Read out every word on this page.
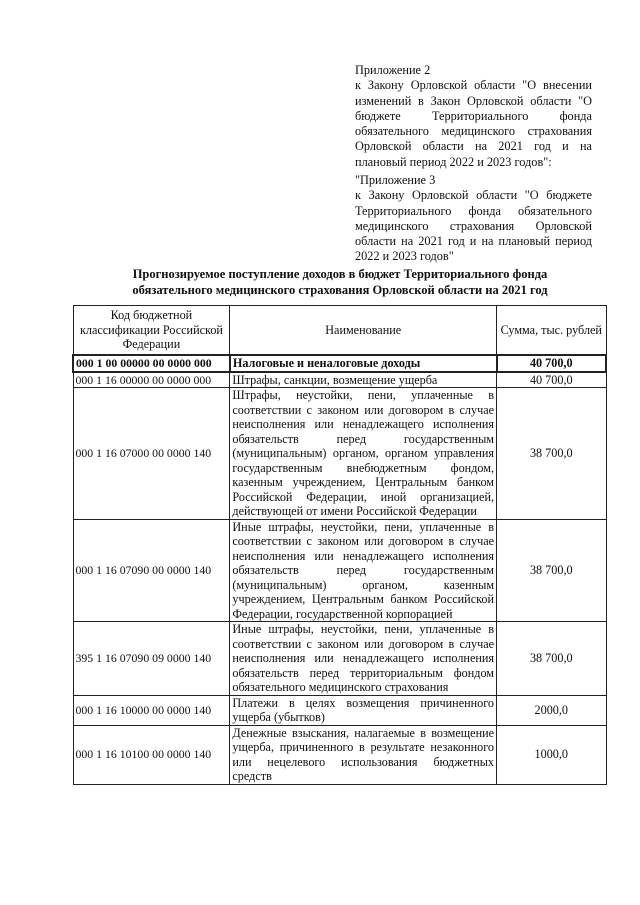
Приложение 2

к Закону Орловской области "О внесении изменений в Закон Орловской области "О бюджете Территориального фонда обязательного медицинского страхования Орловской области на 2021 год и на плановый период 2022 и 2023 годов":

"Приложение 3

к Закону Орловской области "О бюджете Территориального фонда обязательного медицинского страхования Орловской области на 2021 год и на плановый период 2022 и 2023 годов"

Прогнозируемое поступление доходов в бюджет Территориального фонда
обязательного медицинского страхования Орловской области на 2021 год
Код бюджетной классификации Российской Федерации	Наименование	Сумма, тыс. рублей
000 1 00 00000 00 0000 000	Налоговые и неналоговые доходы	40 700,0
000 1 16 00000 00 0000 000	Штрафы, санкции, возмещение ущерба	40 700,0
000 1 16 07000 00 0000 140	Штрафы, неустойки, пени, уплаченные в соответствии с законом или договором в случае неисполнения или ненадлежащего исполнения обязательств перед государственным (муниципальным) органом, органом управления государственным внебюджетным фондом, казенным учреждением, Центральным банком Российской Федерации, иной организацией, действующей от имени Российской Федерации	38 700,0
000 1 16 07090 00 0000 140	Иные штрафы, неустойки, пени, уплаченные в соответствии с законом или договором в случае неисполнения или ненадлежащего исполнения обязательств перед государственным (муниципальным) органом, казенным учреждением, Центральным банком Российской Федерации, государственной корпорацией	38 700,0
395 1 16 07090 09 0000 140	Иные штрафы, неустойки, пени, уплаченные в соответствии с законом или договором в случае неисполнения или ненадлежащего исполнения обязательств перед территориальным фондом обязательного медицинского страхования	38 700,0
000 1 16 10000 00 0000 140	Платежи в целях возмещения причиненного ущерба (убытков)	2000,0
000 1 16 10100 00 0000 140	Денежные взыскания, налагаемые в возмещение ущерба, причиненного в результате незаконного или нецелевого использования бюджетных средств	1000,0
